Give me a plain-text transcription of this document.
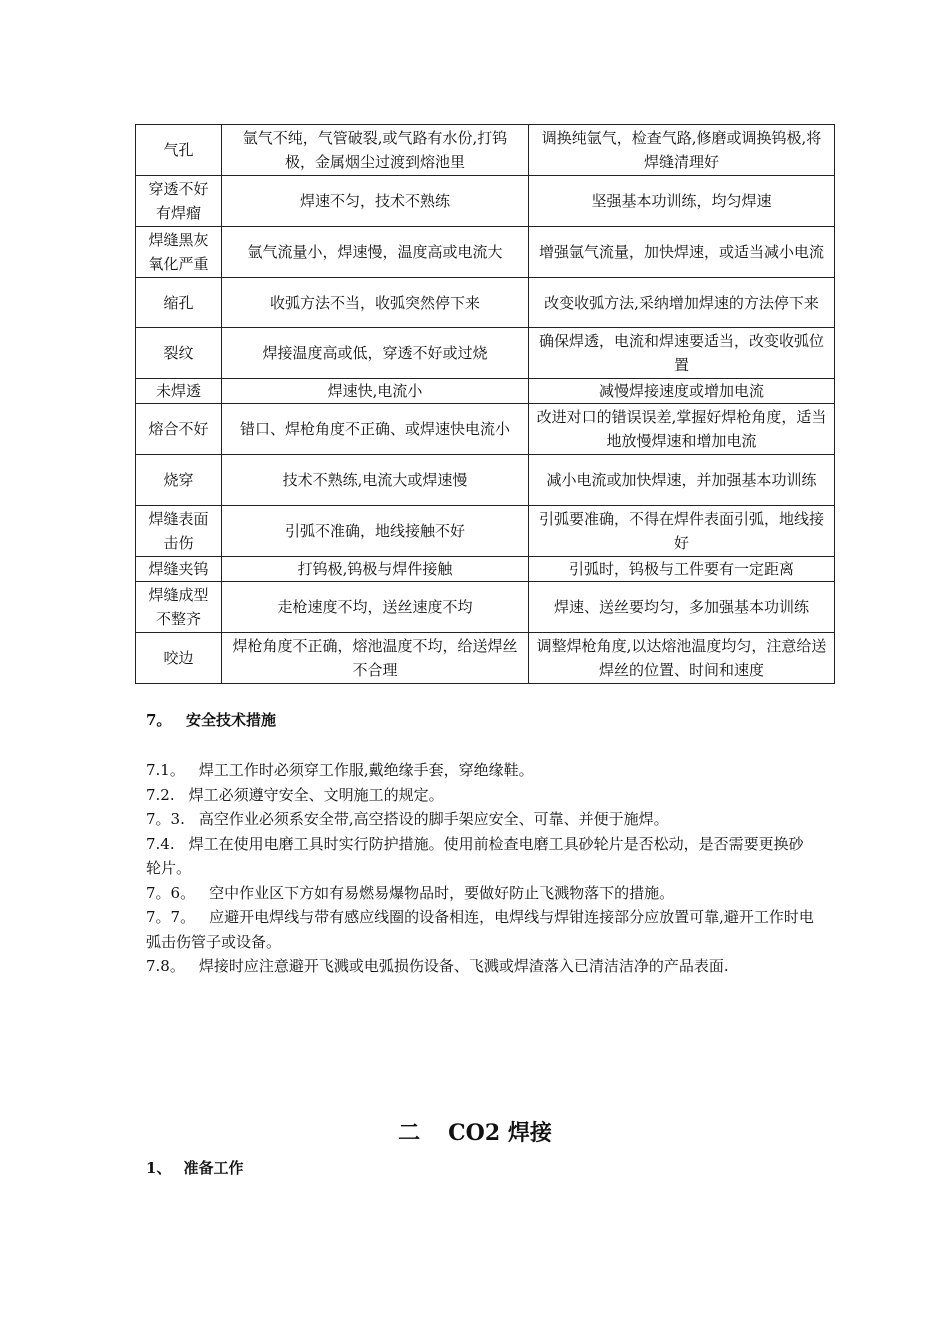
气孔	氩气不纯，气管破裂,或气路有水份,打钨极，金属烟尘过渡到熔池里	调换纯氩气，检查气路,修磨或调换钨极,将焊缝清理好
穿透不好有焊瘤	焊速不匀，技术不熟练	坚强基本功训练，均匀焊速
焊缝黑灰氧化严重	氩气流量小，焊速慢，温度高或电流大	增强氩气流量，加快焊速，或适当减小电流
缩孔	收弧方法不当，收弧突然停下来	改变收弧方法,采纳增加焊速的方法停下来
裂纹	焊接温度高或低，穿透不好或过烧	确保焊透，电流和焊速要适当，改变收弧位置
未焊透	焊速快,电流小	减慢焊接速度或增加电流
熔合不好	错口、焊枪角度不正确、或焊速快电流小	改进对口的错误误差,掌握好焊枪角度，适当地放慢焊速和增加电流
烧穿	技术不熟练,电流大或焊速慢	减小电流或加快焊速，并加强基本功训练
焊缝表面击伤	引弧不准确，地线接触不好	引弧要准确，不得在焊件表面引弧，地线接好
焊缝夹钨	打钨极,钨极与焊件接触	引弧时，钨极与工件要有一定距离
焊缝成型不整齐	走枪速度不均，送丝速度不均	焊速、送丝要均匀，多加强基本功训练
咬边	焊枪角度不正确，熔池温度不均，给送焊丝不合理	调整焊枪角度,以达熔池温度均匀，注意给送焊丝的位置、时间和速度
7。 安全技术措施

7.1。 焊工工作时必须穿工作服,戴绝缘手套，穿绝缘鞋。

7.2. 焊工必须遵守安全、文明施工的规定。

7。3. 高空作业必须系安全带,高空搭设的脚手架应安全、可靠、并便于施焊。

7.4. 焊工在使用电磨工具时实行防护措施。使用前检查电磨工具砂轮片是否松动，是否需要更换砂轮片。

7。6。 空中作业区下方如有易燃易爆物品时，要做好防止飞溅物落下的措施。

7。7。 应避开电焊线与带有感应线圈的设备相连，电焊线与焊钳连接部分应放置可靠,避开工作时电弧击伤管子或设备。

7.8。 焊接时应注意避开飞溅或电弧损伤设备、飞溅或焊渣落入已清洁洁净的产品表面.

二 CO2 焊接
1、 准备工作
